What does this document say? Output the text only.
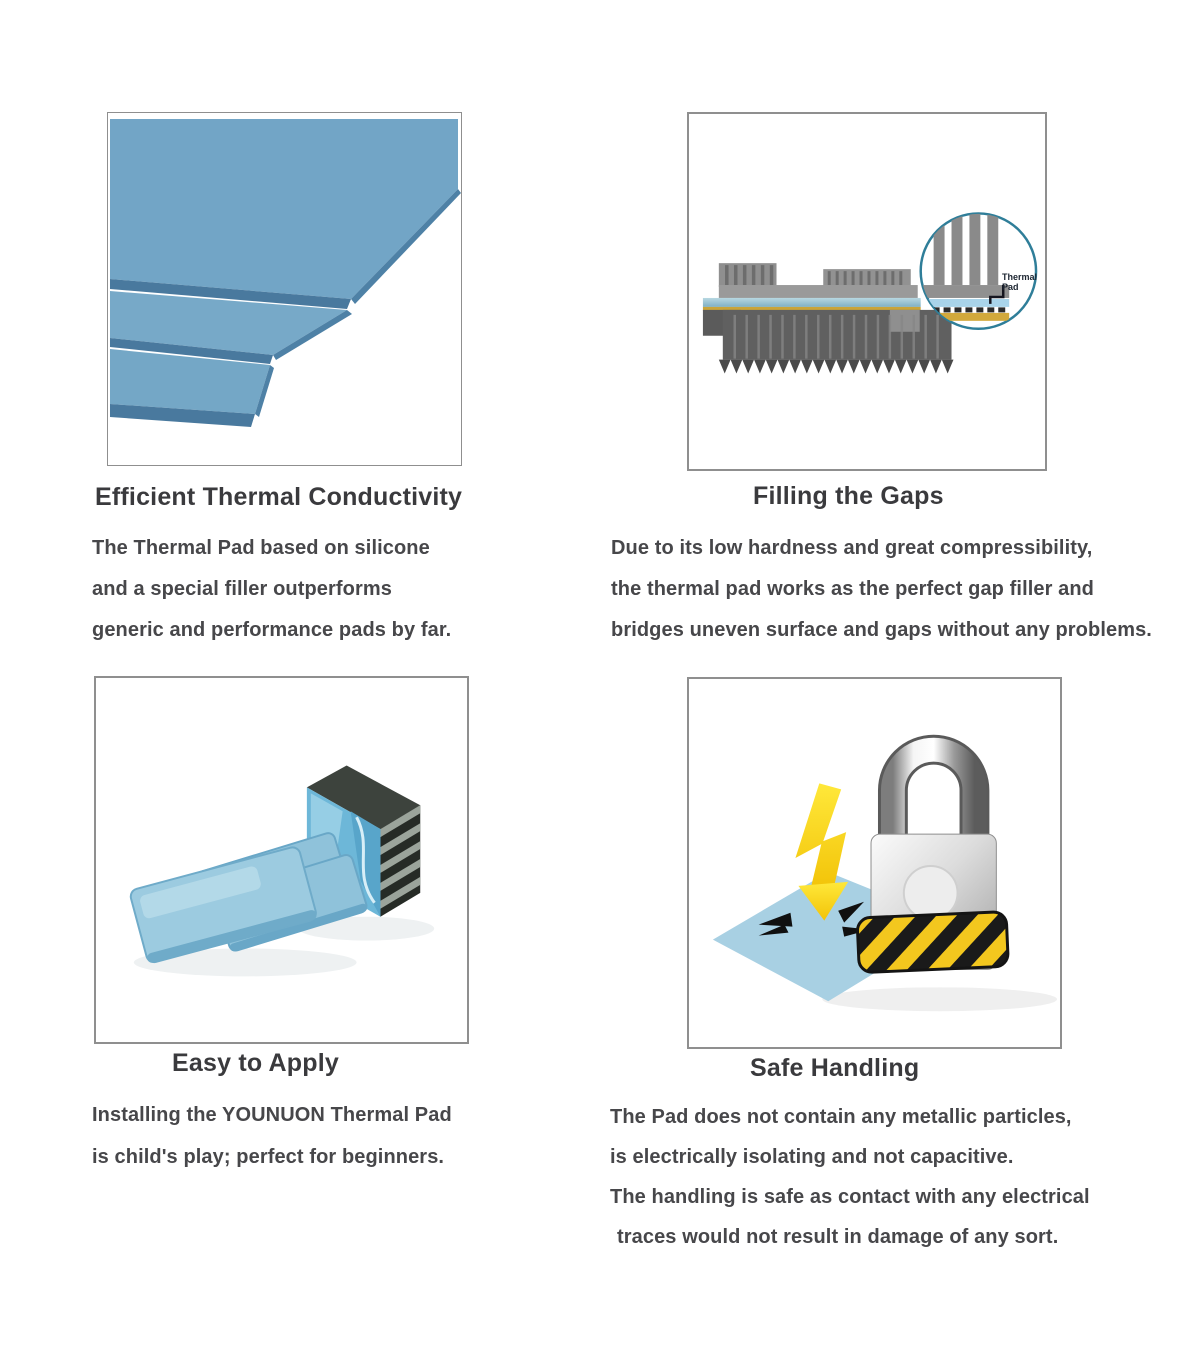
Efficient Thermal Conductivity
The Thermal Pad based on silicone
and a special filler outperforms
generic and performance pads by far.
Thermal Pad
Filling the Gaps
Due to its low hardness and great compressibility,
the thermal pad works as the perfect gap filler and
bridges uneven surface and gaps without any problems.
Easy to Apply
Installing the YOUNUON Thermal Pad
is child's play; perfect for beginners.
Safe Handling
The Pad does not contain any metallic particles,
is electrically isolating and not capacitive.
The handling is safe as contact with any electrical
traces would not result in damage of any sort.
